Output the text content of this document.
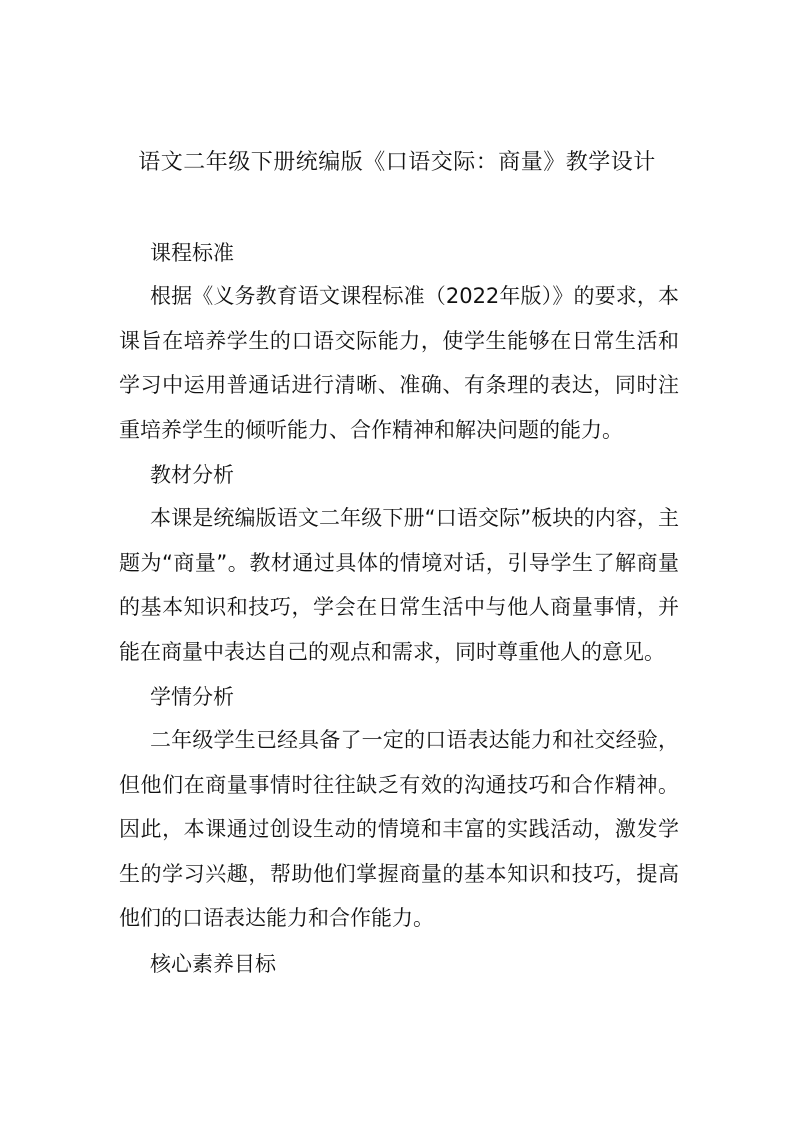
语文二年级下册统编版《口语交际：商量》教学设计
课程标准

根据《义务教育语文课程标准（2022年版）》的要求，本课旨在培养学生的口语交际能力，使学生能够在日常生活和学习中运用普通话进行清晰、准确、有条理的表达，同时注重培养学生的倾听能力、合作精神和解决问题的能力。

教材分析

本课是统编版语文二年级下册“口语交际”板块的内容，主题为“商量”。教材通过具体的情境对话，引导学生了解商量的基本知识和技巧，学会在日常生活中与他人商量事情，并能在商量中表达自己的观点和需求，同时尊重他人的意见。

学情分析

二年级学生已经具备了一定的口语表达能力和社交经验，但他们在商量事情时往往缺乏有效的沟通技巧和合作精神。因此，本课通过创设生动的情境和丰富的实践活动，激发学生的学习兴趣，帮助他们掌握商量的基本知识和技巧，提高他们的口语表达能力和合作能力。

核心素养目标
